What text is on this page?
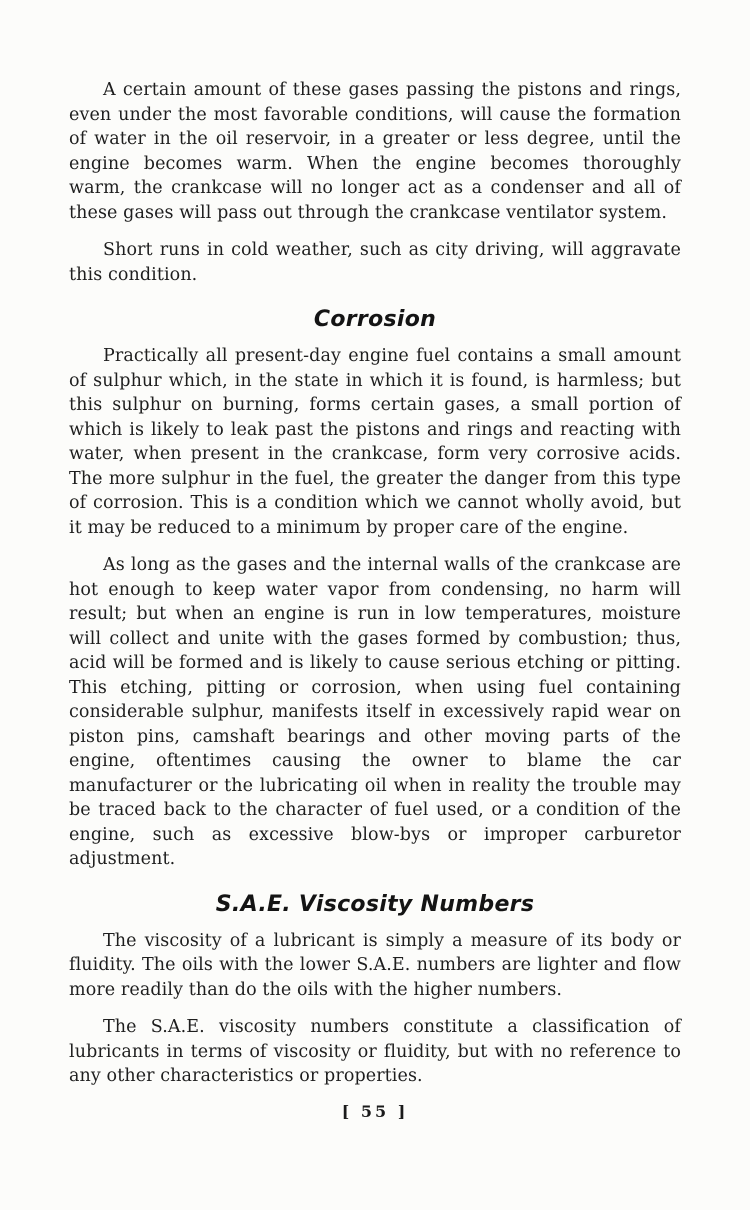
A certain amount of these gases passing the pistons and rings, even under the most favorable conditions, will cause the formation of water in the oil reservoir, in a greater or less degree, until the engine becomes warm. When the engine becomes thoroughly warm, the crankcase will no longer act as a condenser and all of these gases will pass out through the crankcase ventilator system.

Short runs in cold weather, such as city driving, will aggravate this condition.

Corrosion

Practically all present-day engine fuel contains a small amount of sulphur which, in the state in which it is found, is harmless; but this sulphur on burning, forms certain gases, a small portion of which is likely to leak past the pistons and rings and reacting with water, when present in the crankcase, form very corrosive acids. The more sulphur in the fuel, the greater the danger from this type of corrosion. This is a condition which we cannot wholly avoid, but it may be reduced to a minimum by proper care of the engine.

As long as the gases and the internal walls of the crankcase are hot enough to keep water vapor from condensing, no harm will result; but when an engine is run in low temperatures, moisture will collect and unite with the gases formed by combustion; thus, acid will be formed and is likely to cause serious etching or pitting. This etching, pitting or corrosion, when using fuel containing considerable sulphur, manifests itself in excessively rapid wear on piston pins, camshaft bearings and other moving parts of the engine, oftentimes causing the owner to blame the car manufacturer or the lubricating oil when in reality the trouble may be traced back to the character of fuel used, or a condition of the engine, such as excessive blow-bys or improper carburetor adjustment.

S.A.E. Viscosity Numbers

The viscosity of a lubricant is simply a measure of its body or fluidity. The oils with the lower S.A.E. numbers are lighter and flow more readily than do the oils with the higher numbers.

The S.A.E. viscosity numbers constitute a classification of lubricants in terms of viscosity or fluidity, but with no reference to any other characteristics or properties.

[ 55 ]
